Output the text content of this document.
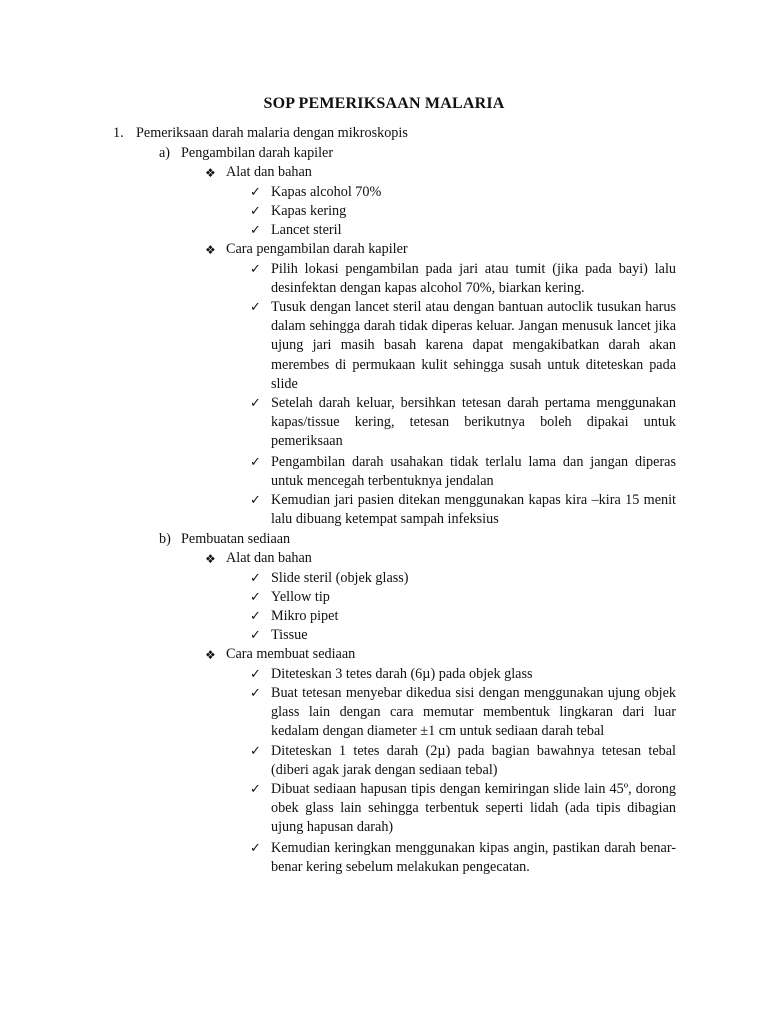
SOP PEMERIKSAAN MALARIA
1. Pemeriksaan darah malaria dengan mikroskopis
a) Pengambilan darah kapiler
❖ Alat dan bahan
✓ Kapas alcohol 70%
✓ Kapas kering
✓ Lancet steril
❖ Cara pengambilan darah kapiler
✓ Pilih lokasi pengambilan pada jari atau tumit (jika pada bayi) lalu desinfektan dengan kapas alcohol 70%, biarkan kering.
✓ Tusuk dengan lancet steril atau dengan bantuan autoclik tusukan harus dalam sehingga darah tidak diperas keluar. Jangan menusuk lancet jika ujung jari masih basah karena dapat mengakibatkan darah akan merembes di permukaan kulit sehingga susah untuk diteteskan pada slide
✓ Setelah darah keluar, bersihkan tetesan darah pertama menggunakan kapas/tissue kering, tetesan berikutnya boleh dipakai untuk pemeriksaan
✓ Pengambilan darah usahakan tidak terlalu lama dan jangan diperas untuk mencegah terbentuknya jendalan
✓ Kemudian jari pasien ditekan menggunakan kapas kira –kira 15 menit lalu dibuang ketempat sampah infeksius
b) Pembuatan sediaan
❖ Alat dan bahan
✓ Slide steril (objek glass)
✓ Yellow tip
✓ Mikro pipet
✓ Tissue
❖ Cara membuat sediaan
✓ Diteteskan 3 tetes darah (6µ) pada objek glass
✓ Buat tetesan menyebar dikedua sisi dengan menggunakan ujung objek glass lain dengan cara memutar membentuk lingkaran dari luar kedalam dengan diameter ±1 cm untuk sediaan darah tebal
✓ Diteteskan 1 tetes darah (2µ) pada bagian bawahnya tetesan tebal (diberi agak jarak dengan sediaan tebal)
✓ Dibuat sediaan hapusan tipis dengan kemiringan slide lain 45º, dorong obek glass lain sehingga terbentuk seperti lidah (ada tipis dibagian ujung hapusan darah)
✓ Kemudian keringkan menggunakan kipas angin, pastikan darah benar-benar kering sebelum melakukan pengecatan.
